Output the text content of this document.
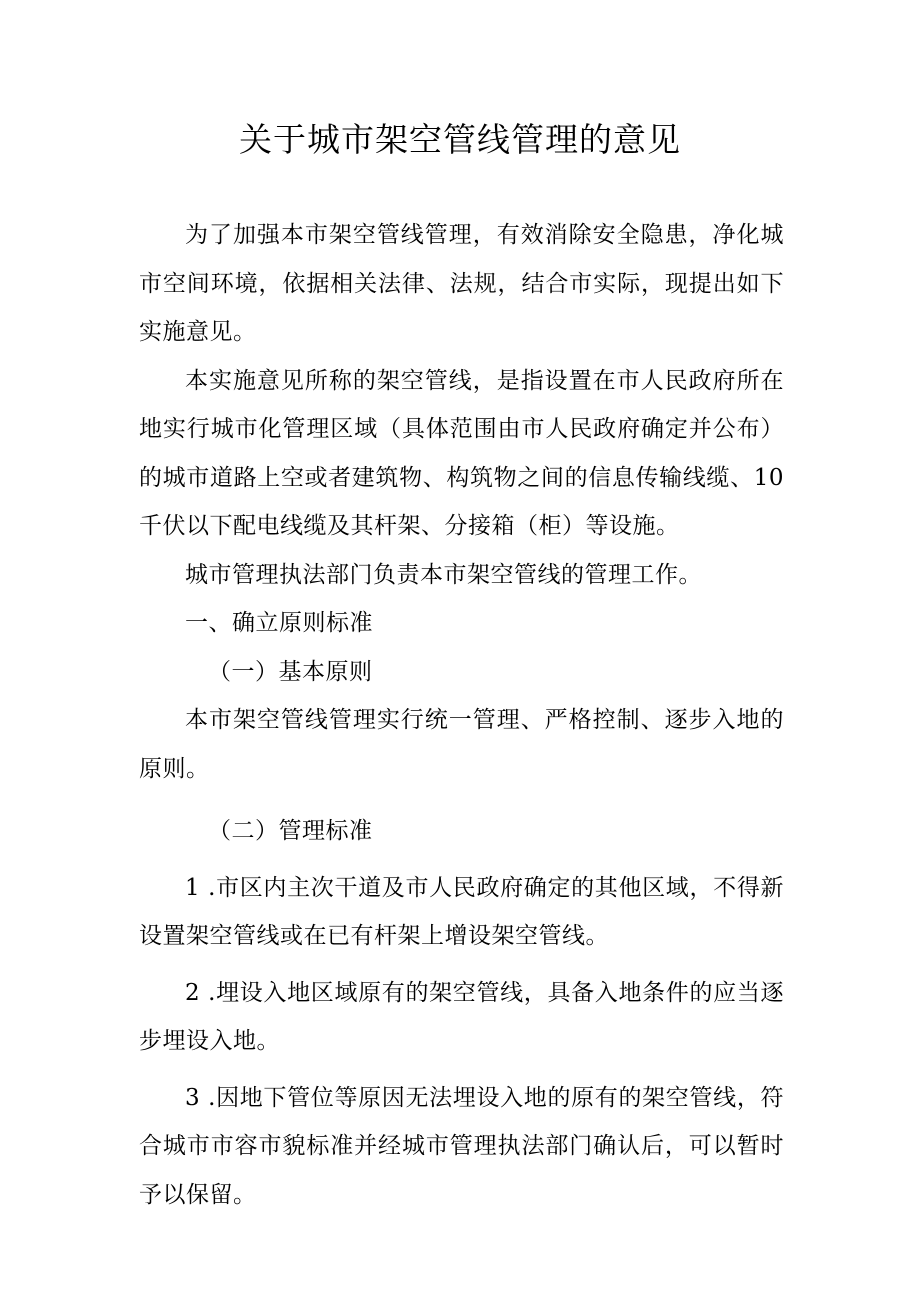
关于城市架空管线管理的意见

为了加强本市架空管线管理，有效消除安全隐患，净化城市空间环境，依据相关法律、法规，结合市实际，现提出如下实施意见。

本实施意见所称的架空管线，是指设置在市人民政府所在地实行城市化管理区域（具体范围由市人民政府确定并公布）的城市道路上空或者建筑物、构筑物之间的信息传输线缆、10千伏以下配电线缆及其杆架、分接箱（柜）等设施。

城市管理执法部门负责本市架空管线的管理工作。

一、确立原则标准

（一）基本原则

本市架空管线管理实行统一管理、严格控制、逐步入地的原则。

（二）管理标准

1 .市区内主次干道及市人民政府确定的其他区域，不得新设置架空管线或在已有杆架上增设架空管线。

2 .埋设入地区域原有的架空管线，具备入地条件的应当逐步埋设入地。

3 .因地下管位等原因无法埋设入地的原有的架空管线，符合城市市容市貌标准并经城市管理执法部门确认后，可以暂时予以保留。
